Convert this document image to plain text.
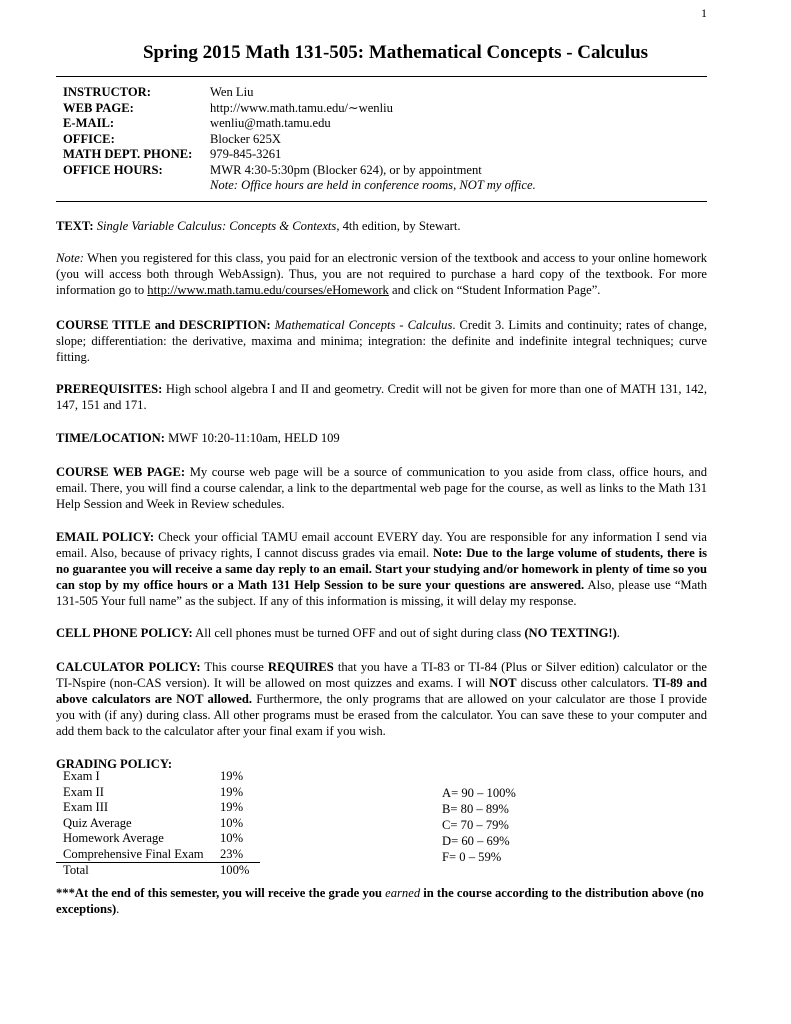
1
Spring 2015 Math 131-505: Mathematical Concepts - Calculus
INSTRUCTOR:	Wen Liu
WEB PAGE:	http://www.math.tamu.edu/∼wenliu
E-MAIL:	wenliu@math.tamu.edu
OFFICE:	Blocker 625X
MATH DEPT. PHONE:	979-845-3261
OFFICE HOURS:	MWR 4:30-5:30pm (Blocker 624), or by appointment
Note: Office hours are held in conference rooms, NOT my office.

TEXT: Single Variable Calculus: Concepts & Contexts, 4th edition, by Stewart.

Note: When you registered for this class, you paid for an electronic version of the textbook and access to your online homework (you will access both through WebAssign). Thus, you are not required to purchase a hard copy of the textbook. For more information go to http://www.math.tamu.edu/courses/eHomework and click on “Student Information Page”.

COURSE TITLE and DESCRIPTION: Mathematical Concepts - Calculus. Credit 3. Limits and continuity; rates of change, slope; differentiation: the derivative, maxima and minima; integration: the definite and indefinite integral techniques; curve fitting.

PREREQUISITES: High school algebra I and II and geometry. Credit will not be given for more than one of MATH 131, 142, 147, 151 and 171.

TIME/LOCATION: MWF 10:20-11:10am, HELD 109

COURSE WEB PAGE: My course web page will be a source of communication to you aside from class, office hours, and email. There, you will find a course calendar, a link to the departmental web page for the course, as well as links to the Math 131 Help Session and Week in Review schedules.

EMAIL POLICY: Check your official TAMU email account EVERY day. You are responsible for any information I send via email. Also, because of privacy rights, I cannot discuss grades via email. Note: Due to the large volume of students, there is no guarantee you will receive a same day reply to an email. Start your studying and/or homework in plenty of time so you can stop by my office hours or a Math 131 Help Session to be sure your questions are answered. Also, please use “Math 131-505 Your full name” as the subject. If any of this information is missing, it will delay my response.

CELL PHONE POLICY: All cell phones must be turned OFF and out of sight during class (NO TEXTING!).

CALCULATOR POLICY: This course REQUIRES that you have a TI-83 or TI-84 (Plus or Silver edition) calculator or the TI-Nspire (non-CAS version). It will be allowed on most quizzes and exams. I will NOT discuss other calculators. TI-89 and above calculators are NOT allowed. Furthermore, the only programs that are allowed on your calculator are those I provide you with (if any) during class. All other programs must be erased from the calculator. You can save these to your computer and add them back to the calculator after your final exam if you wish.

GRADING POLICY:
Exam I	19%
Exam II	19%
Exam III	19%
Quiz Average	10%
Homework Average	10%
Comprehensive Final Exam	23%
Total	100%
A= 90 – 100%
B= 80 – 89%
C= 70 – 79%
D= 60 – 69%
F= 0 – 59%

***At the end of this semester, you will receive the grade you earned in the course according to the distribution above (no exceptions).
